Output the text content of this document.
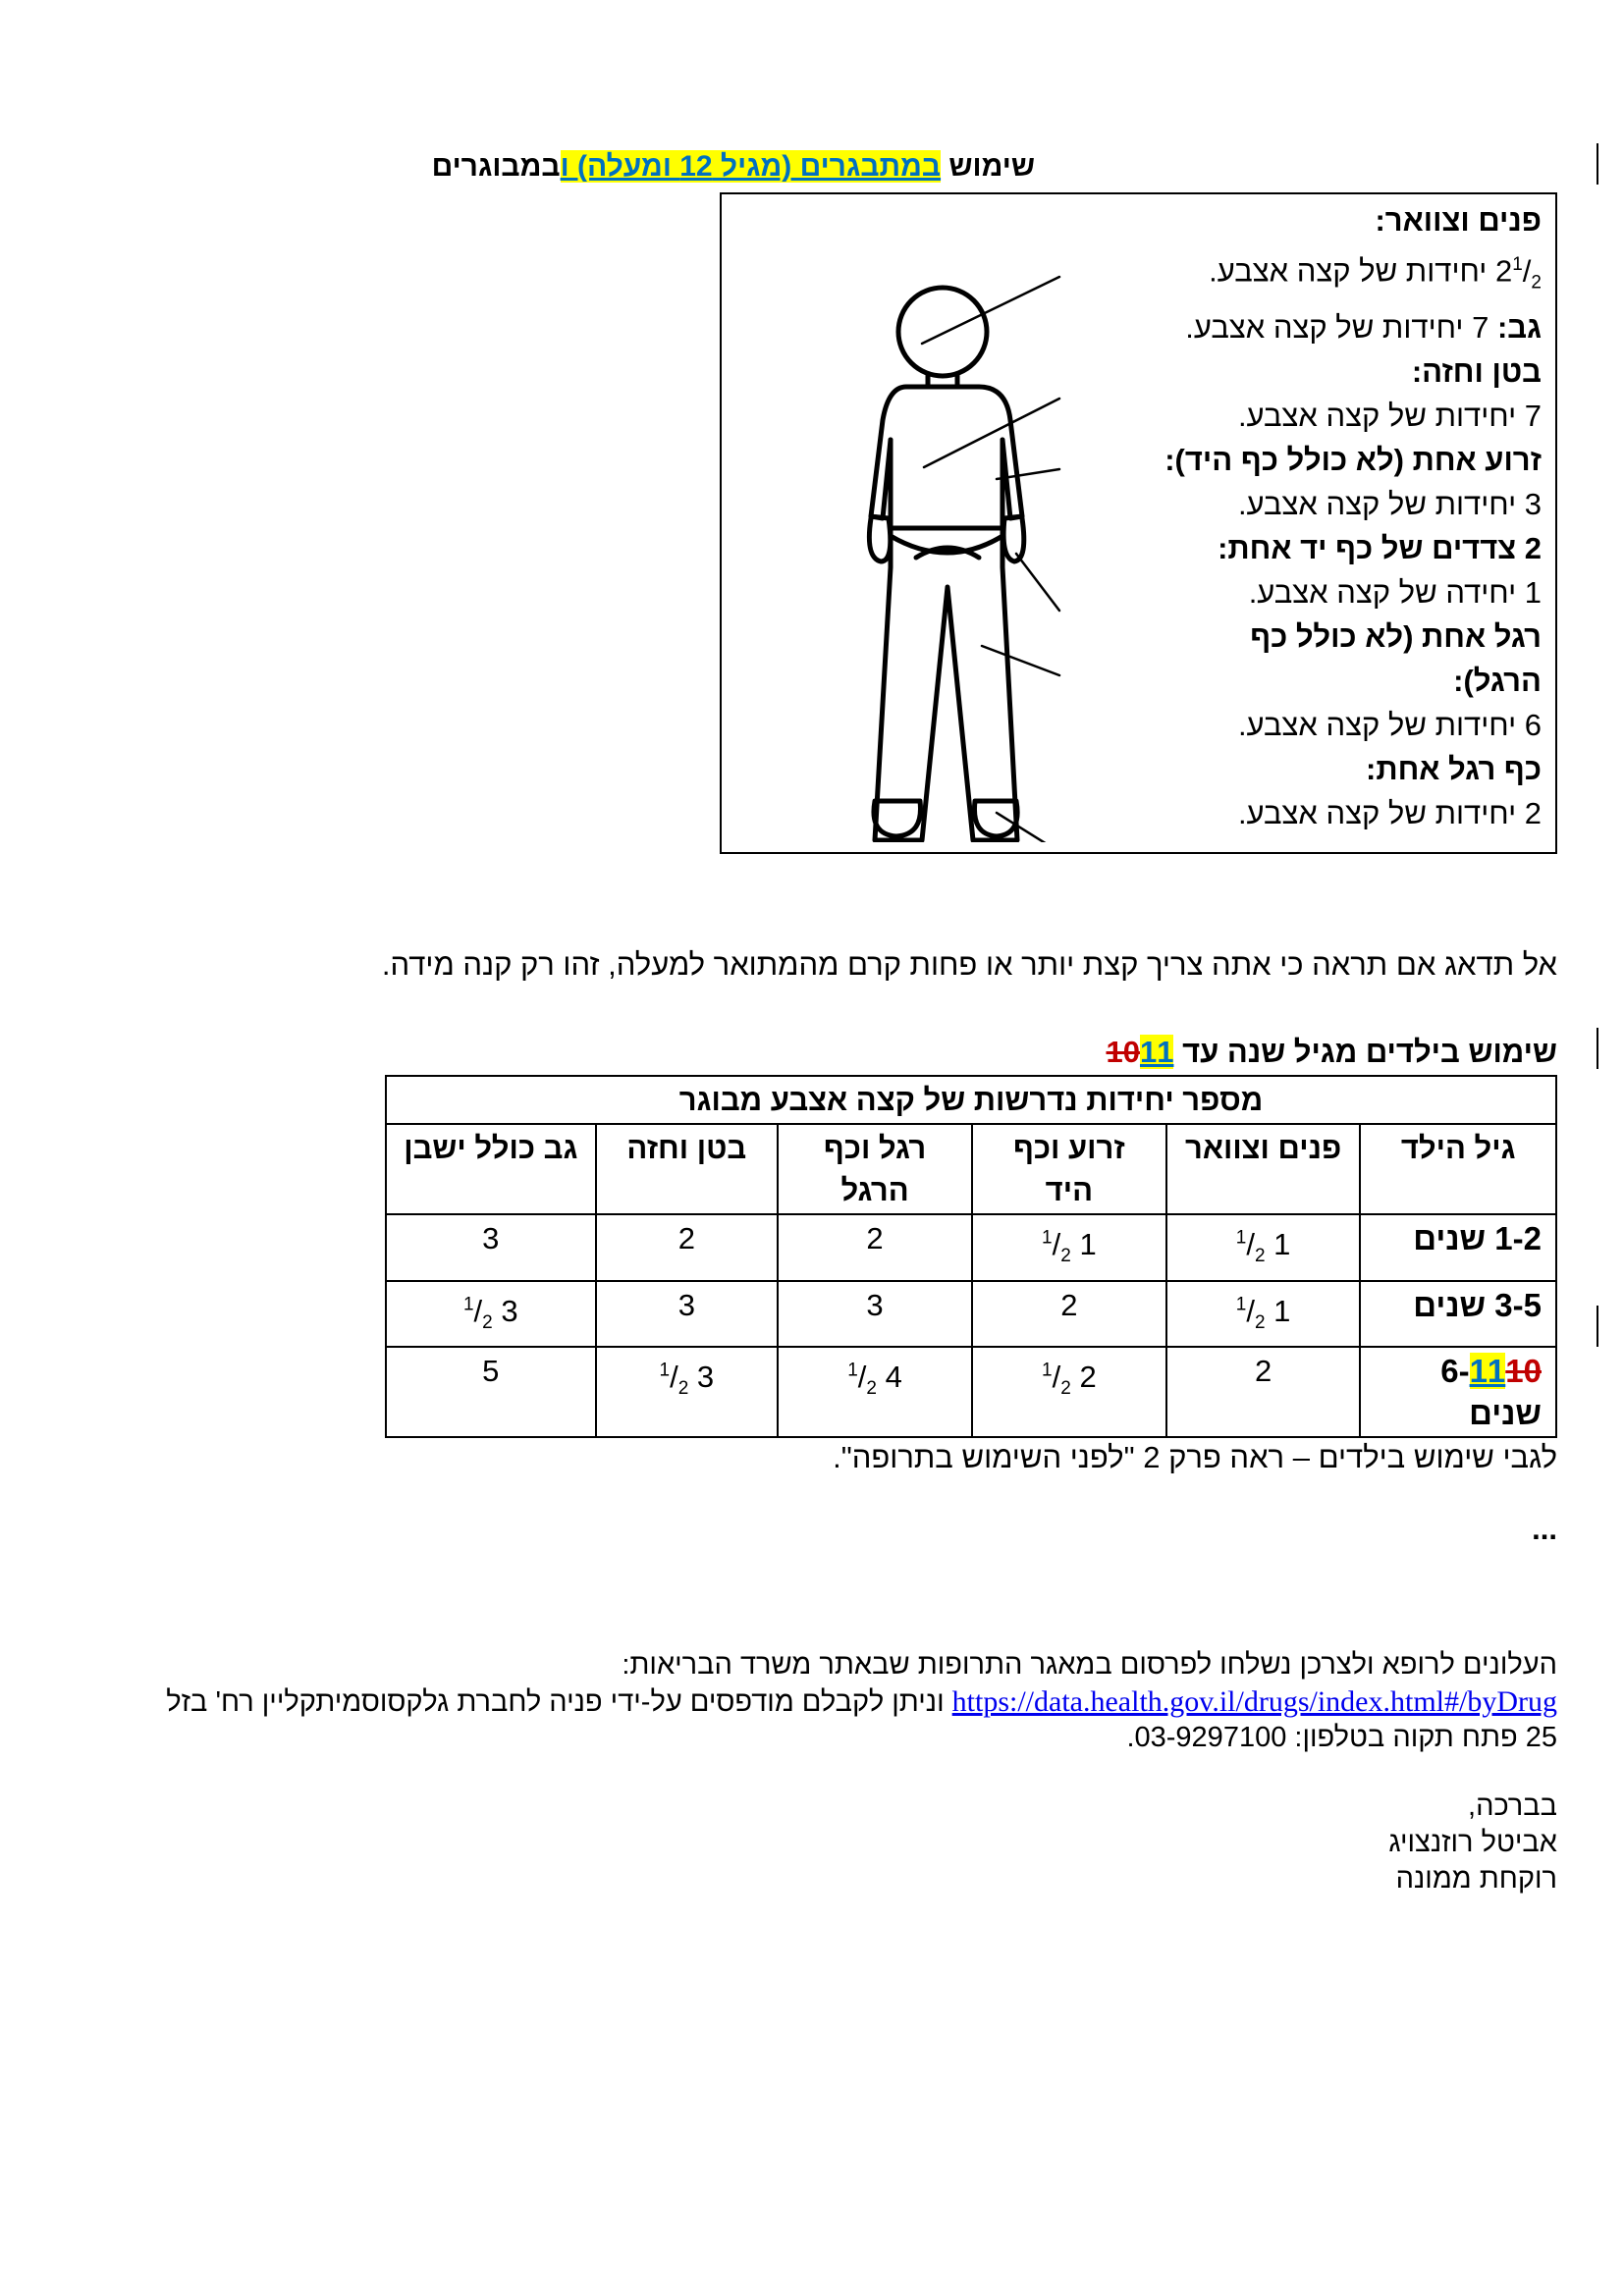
שימוש במתבגרים (מגיל 12 ומעלה) ובמבוגרים
פנים וצוואר:
$2^1/_2$ יחידות של קצה אצבע.
גב: 7 יחידות של קצה אצבע.
בטן וחזה:
7 יחידות של קצה אצבע.
זרוע אחת (לא כולל כף היד):
3 יחידות של קצה אצבע.
2 צדדים של כף יד אחת:
1 יחידה של קצה אצבע.
רגל אחת (לא כולל כף הרגל):
6 יחידות של קצה אצבע.
כף רגל אחת:
2 יחידות של קצה אצבע.
אל תדאג אם תראה כי אתה צריך קצת יותר או פחות קרם מהמתואר למעלה, זהו רק קנה מידה.
שימוש בילדים מגיל שנה עד 1011
מספר יחידות נדרשות של קצה אצבע מבוגר					
גיל הילד	פנים וצוואר	זרוע וכף היד	רגל וכף הרגל	בטן וחזה	גב כולל ישבן
1-2 שנים	1 $^1/_2$	1 $^1/_2$	2	2	3
3-5 שנים	1 $^1/_2$	2	3	3	3 $^1/_2$
6-1110
שנים	2	2 $^1/_2$	4 $^1/_2$	3 $^1/_2$	5
לגבי שימוש בילדים – ראה פרק 2 "לפני השימוש בתרופה".
...
העלונים לרופא ולצרכן נשלחו לפרסום במאגר התרופות שבאתר משרד הבריאות:
https://data.health.gov.il/drugs/index.html#/byDrug וניתן לקבלם מודפסים על-ידי פניה לחברת גלקסוסמיתקליין רח' בזל
25 פתח תקוה בטלפון: 03-9297100.
בברכה,
אביטל רוזנצויג
רוקחת ממונה
